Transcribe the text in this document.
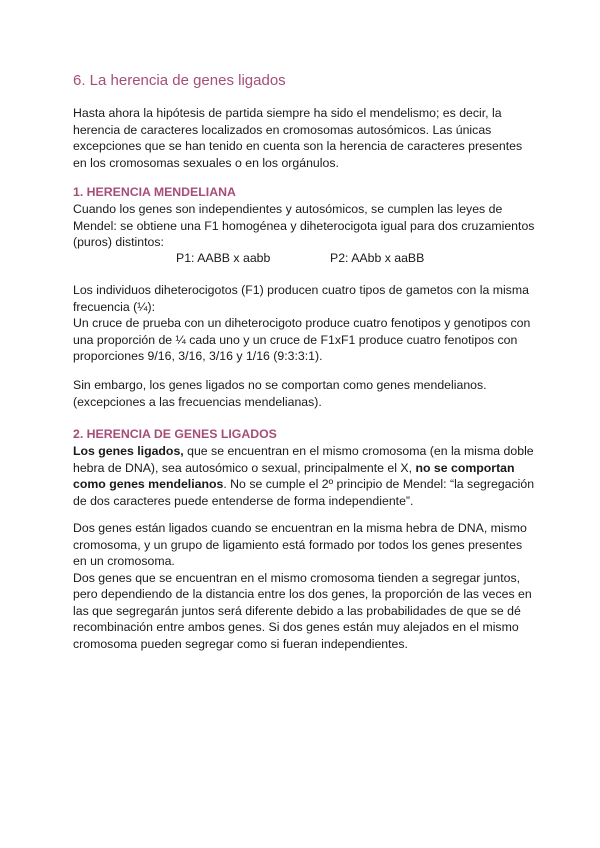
6. La herencia de genes ligados

Hasta ahora la hipótesis de partida siempre ha sido el mendelismo; es decir, la
herencia de caracteres localizados en cromosomas autosómicos. Las únicas
excepciones que se han tenido en cuenta son la herencia de caracteres presentes
en los cromosomas sexuales o en los orgánulos.

1. HERENCIA MENDELIANA

Cuando los genes son independientes y autosómicos, se cumplen las leyes de
Mendel: se obtiene una F1 homogénea y diheterocigota igual para dos cruzamientos
(puros) distintos:

P1: AABB x aabb	P2: AAbb x aaBB

Los individuos diheterocigotos (F1) producen cuatro tipos de gametos con la misma
frecuencia (¼):
Un cruce de prueba con un diheterocigoto produce cuatro fenotipos y genotipos con
una proporción de ¼ cada uno y un cruce de F1xF1 produce cuatro fenotipos con
proporciones 9/16, 3/16, 3/16 y 1/16 (9:3:3:1).

Sin embargo, los genes ligados no se comportan como genes mendelianos.
(excepciones a las frecuencias mendelianas).

2. HERENCIA DE GENES LIGADOS

Los genes ligados, que se encuentran en el mismo cromosoma (en la misma doble
hebra de DNA), sea autosómico o sexual, principalmente el X, no se comportan
como genes mendelianos. No se cumple el 2º principio de Mendel: “la segregación
de dos caracteres puede entenderse de forma independiente”.

Dos genes están ligados cuando se encuentran en la misma hebra de DNA, mismo
cromosoma, y un grupo de ligamiento está formado por todos los genes presentes
en un cromosoma.
Dos genes que se encuentran en el mismo cromosoma tienden a segregar juntos,
pero dependiendo de la distancia entre los dos genes, la proporción de las veces en
las que segregarán juntos será diferente debido a las probabilidades de que se dé
recombinación entre ambos genes. Si dos genes están muy alejados en el mismo
cromosoma pueden segregar como si fueran independientes.
